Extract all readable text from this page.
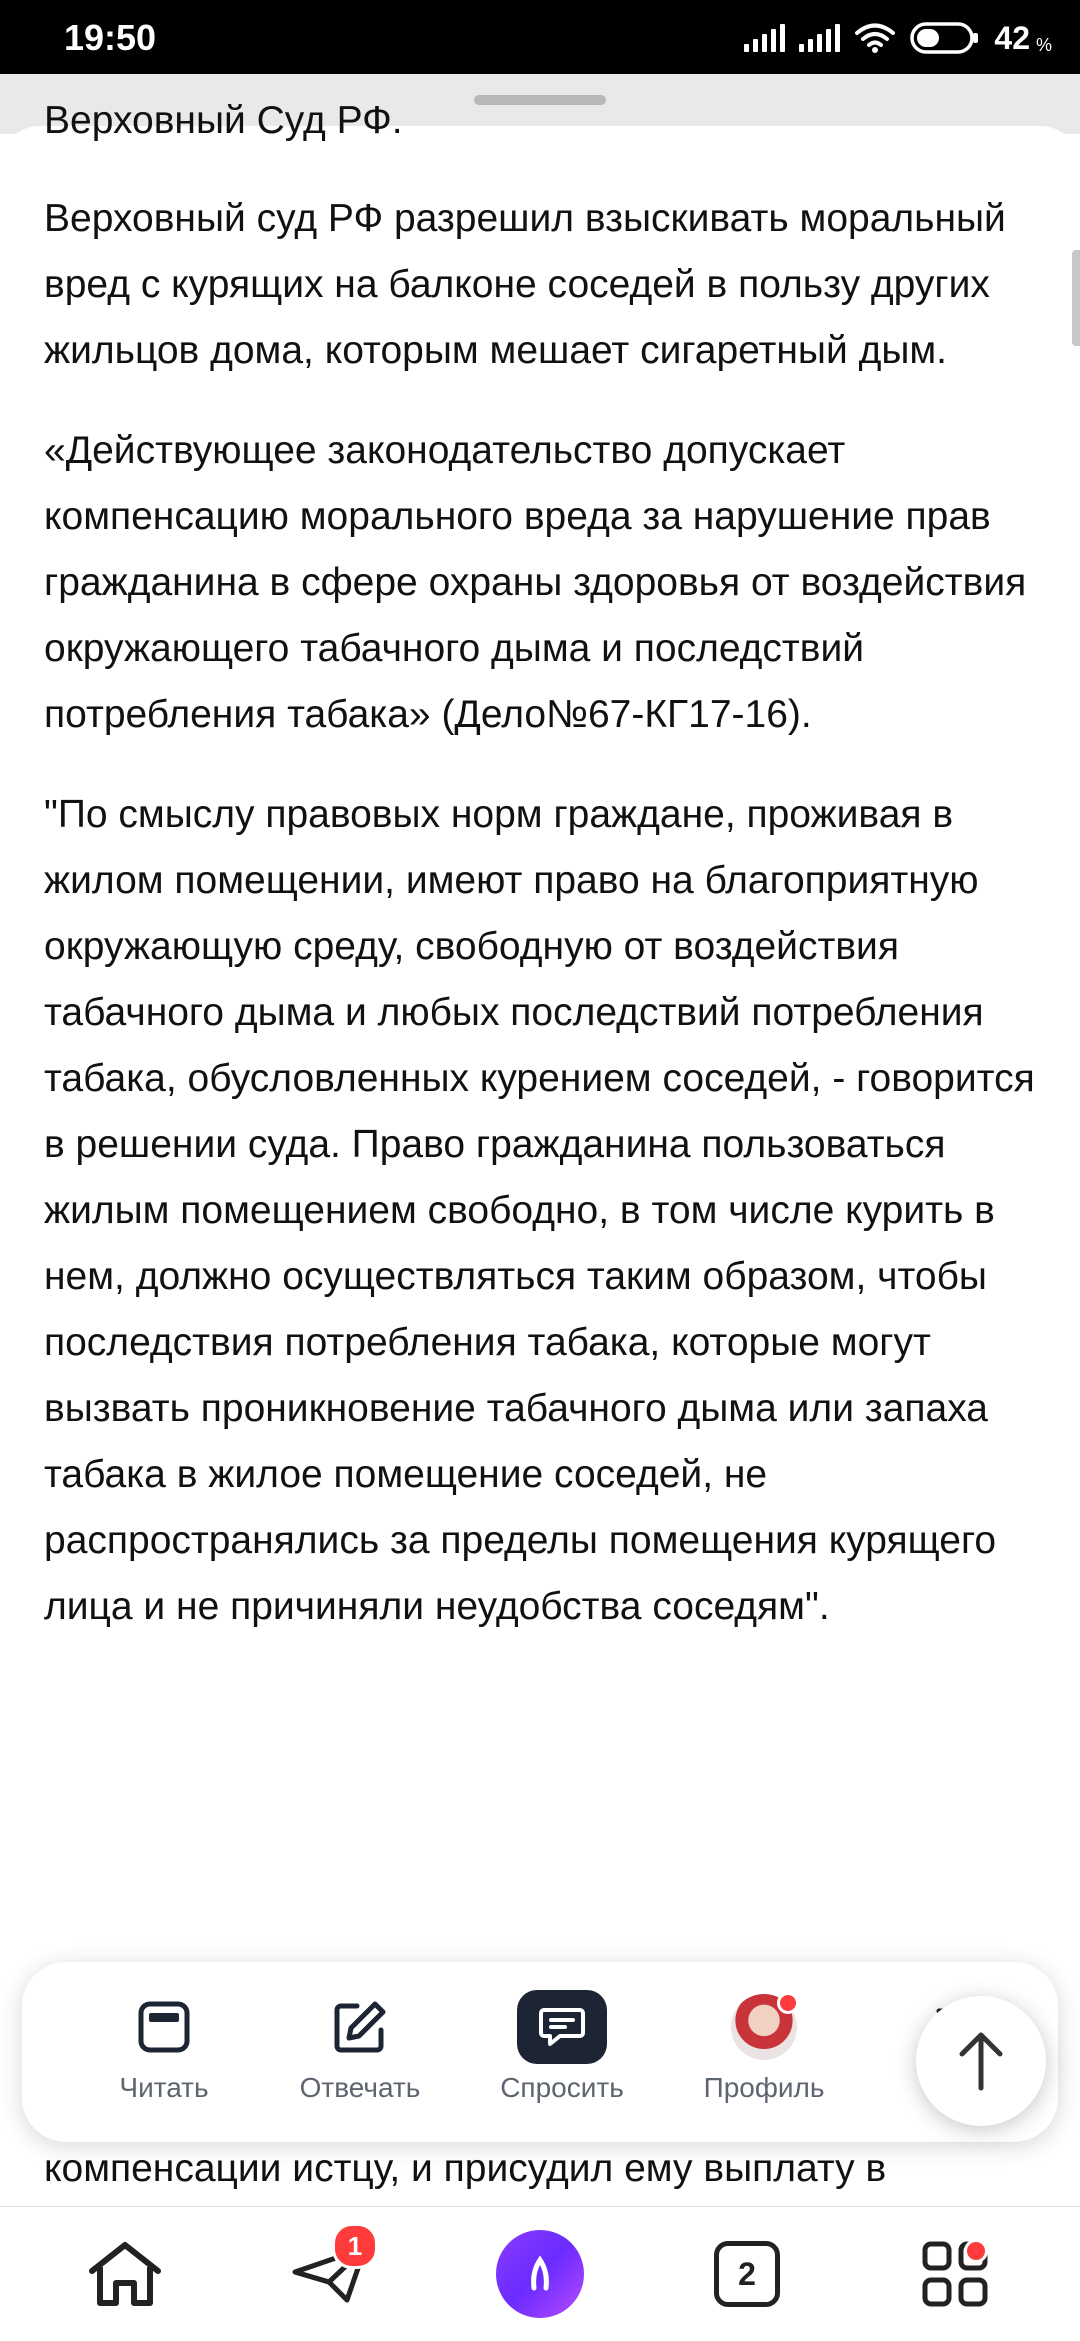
19:50	42 %
Верховный Суд РФ.

Верховный суд РФ разрешил взыскивать моральный вред с курящих на балконе соседей в пользу других жильцов дома, которым мешает сигаретный дым.

«Действующее законодательство допускает компенсацию морального вреда за нарушение прав гражданина в сфере охраны здоровья от воздействия окружающего табачного дыма и последствий потребления табака» (Дело№67-КГ17-16).

"По смыслу правовых норм граждане, проживая в жилом помещении, имеют право на благоприятную окружающую среду, свободную от воздействия табачного дыма и любых последствий потребления табака, обусловленных курением соседей, - говорится в решении суда. Право гражданина пользоваться жилым помещением свободно, в том числе курить в нем, должно осуществляться таким образом, чтобы последствия потребления табака, которые могут вызвать проникновение табачного дыма или запаха табака в жилое помещение соседей, не распространялись за пределы помещения курящего лица и не причиняли неудобства соседям".

компенсации истцу, и присудил ему выплату в
Читать	Отвечать	Спросить	Профиль
1
2
